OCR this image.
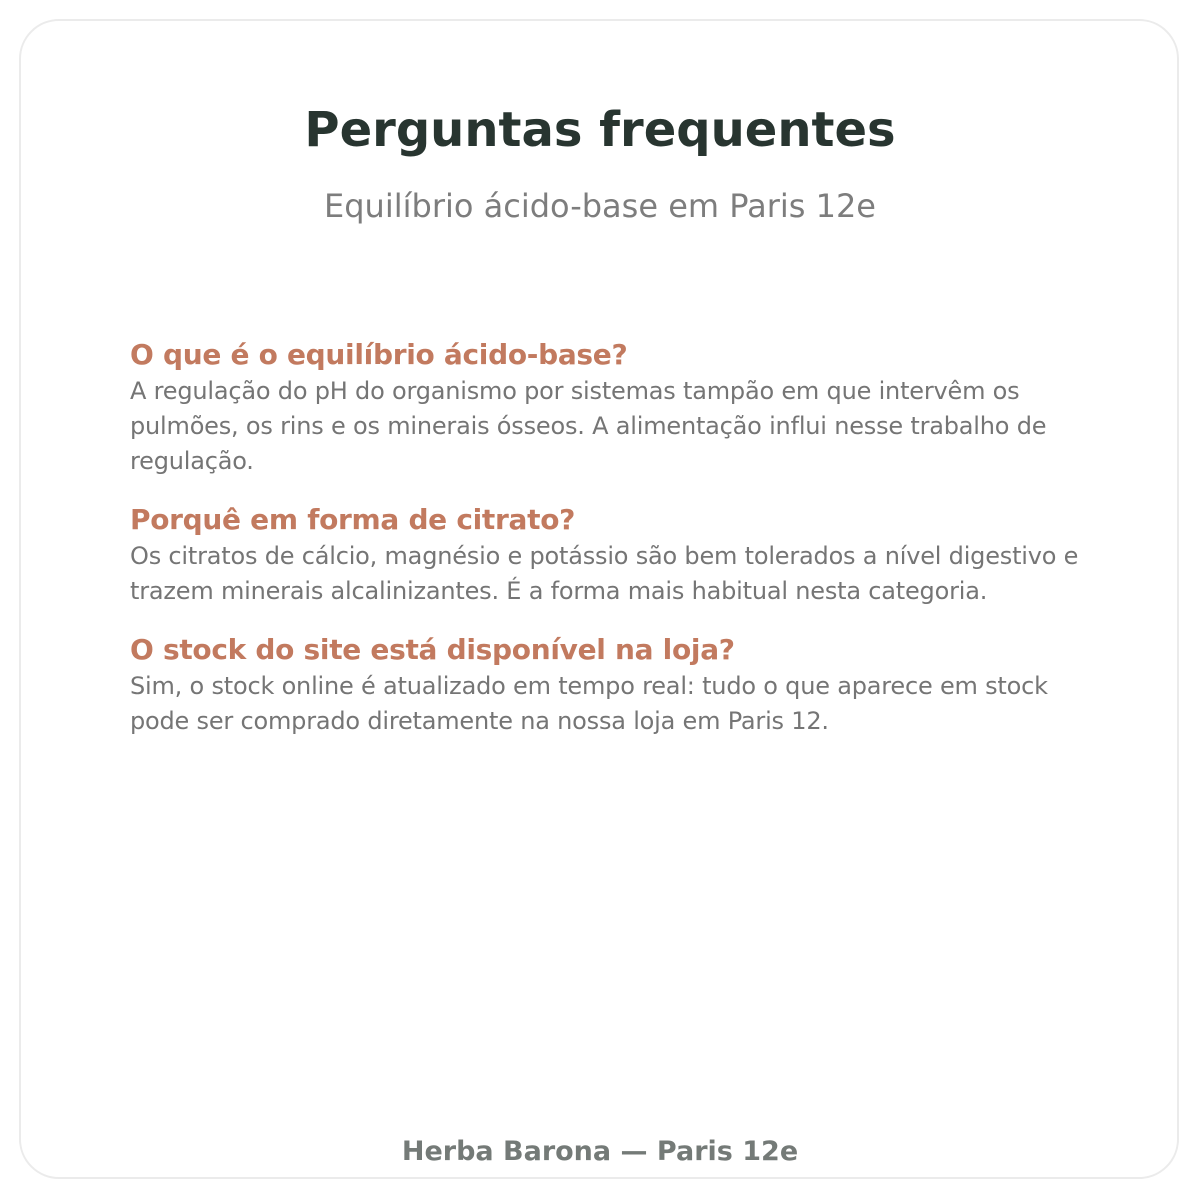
Perguntas frequentes

Equilíbrio ácido-base em Paris 12e

O que é o equilíbrio ácido-base?

A regulação do pH do organismo por sistemas tampão em que intervêm os pulmões, os rins e os minerais ósseos. A alimentação influi nesse trabalho de regulação.

Porquê em forma de citrato?

Os citratos de cálcio, magnésio e potássio são bem tolerados a nível digestivo e trazem minerais alcalinizantes. É a forma mais habitual nesta categoria.

O stock do site está disponível na loja?

Sim, o stock online é atualizado em tempo real: tudo o que aparece em stock pode ser comprado diretamente na nossa loja em Paris 12.

Herba Barona — Paris 12e
